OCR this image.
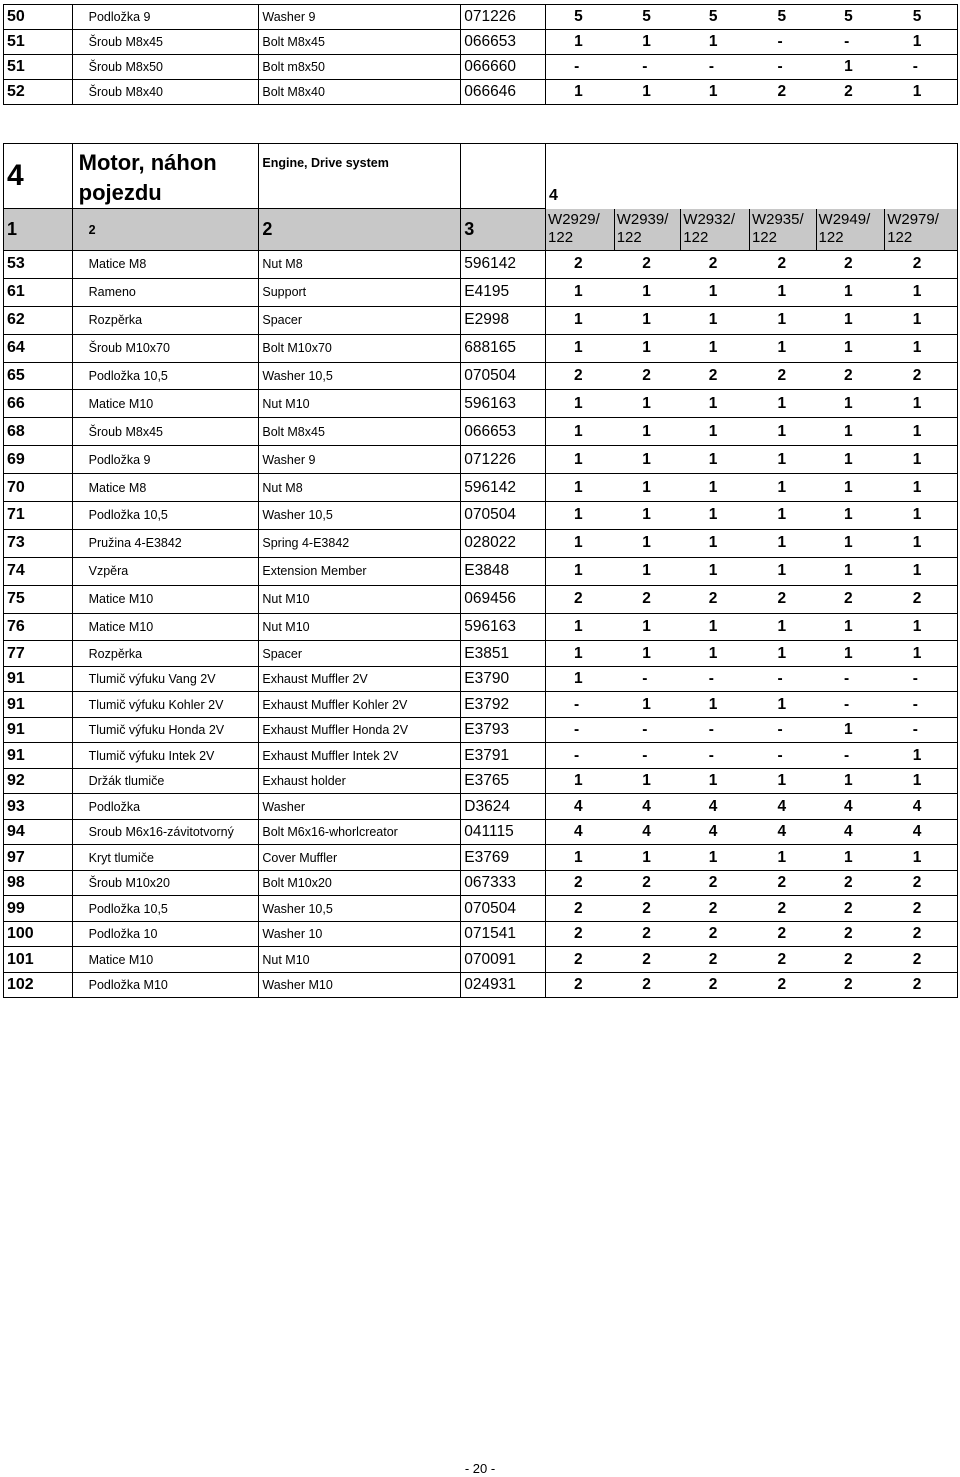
50	Podložka 9	Washer 9	071226	5	5	5	5	5	5
51	Šroub M8x45	Bolt M8x45	066653	1	1	1	-	-	1
51	Šroub M8x50	Bolt m8x50	066660	-	-	-	-	1	-
52	Šroub M8x40	Bolt M8x40	066646	1	1	1	2	2	1
4	Motor, náhon pojezdu	Engine, Drive system		4					
1	2	2	3	W2929/ 122	W2939/ 122	W2932/ 122	W2935/ 122	W2949/ 122	W2979/ 122
53	Matice M8	Nut M8	596142	2	2	2	2	2	2
61	Rameno	Support	E4195	1	1	1	1	1	1
62	Rozpěrka	Spacer	E2998	1	1	1	1	1	1
64	Šroub M10x70	Bolt M10x70	688165	1	1	1	1	1	1
65	Podložka 10,5	Washer 10,5	070504	2	2	2	2	2	2
66	Matice M10	Nut M10	596163	1	1	1	1	1	1
68	Šroub M8x45	Bolt M8x45	066653	1	1	1	1	1	1
69	Podložka 9	Washer 9	071226	1	1	1	1	1	1
70	Matice M8	Nut M8	596142	1	1	1	1	1	1
71	Podložka 10,5	Washer 10,5	070504	1	1	1	1	1	1
73	Pružina 4-E3842	Spring 4-E3842	028022	1	1	1	1	1	1
74	Vzpěra	Extension Member	E3848	1	1	1	1	1	1
75	Matice M10	Nut M10	069456	2	2	2	2	2	2
76	Matice M10	Nut M10	596163	1	1	1	1	1	1
77	Rozpěrka	Spacer	E3851	1	1	1	1	1	1
91	Tlumič výfuku Vang 2V	Exhaust Muffler 2V	E3790	1	-	-	-	-	-
91	Tlumič výfuku Kohler 2V	Exhaust Muffler Kohler 2V	E3792	-	1	1	1	-	-
91	Tlumič výfuku Honda 2V	Exhaust Muffler Honda 2V	E3793	-	-	-	-	1	-
91	Tlumič výfuku Intek 2V	Exhaust Muffler Intek 2V	E3791	-	-	-	-	-	1
92	Držák tlumiče	Exhaust holder	E3765	1	1	1	1	1	1
93	Podložka	Washer	D3624	4	4	4	4	4	4
94	Sroub M6x16-závitotvorný	Bolt M6x16-whorlcreator	041115	4	4	4	4	4	4
97	Kryt tlumiče	Cover Muffler	E3769	1	1	1	1	1	1
98	Šroub M10x20	Bolt M10x20	067333	2	2	2	2	2	2
99	Podložka 10,5	Washer 10,5	070504	2	2	2	2	2	2
100	Podložka 10	Washer 10	071541	2	2	2	2	2	2
101	Matice M10	Nut M10	070091	2	2	2	2	2	2
102	Podložka M10	Washer M10	024931	2	2	2	2	2	2
- 20 -
